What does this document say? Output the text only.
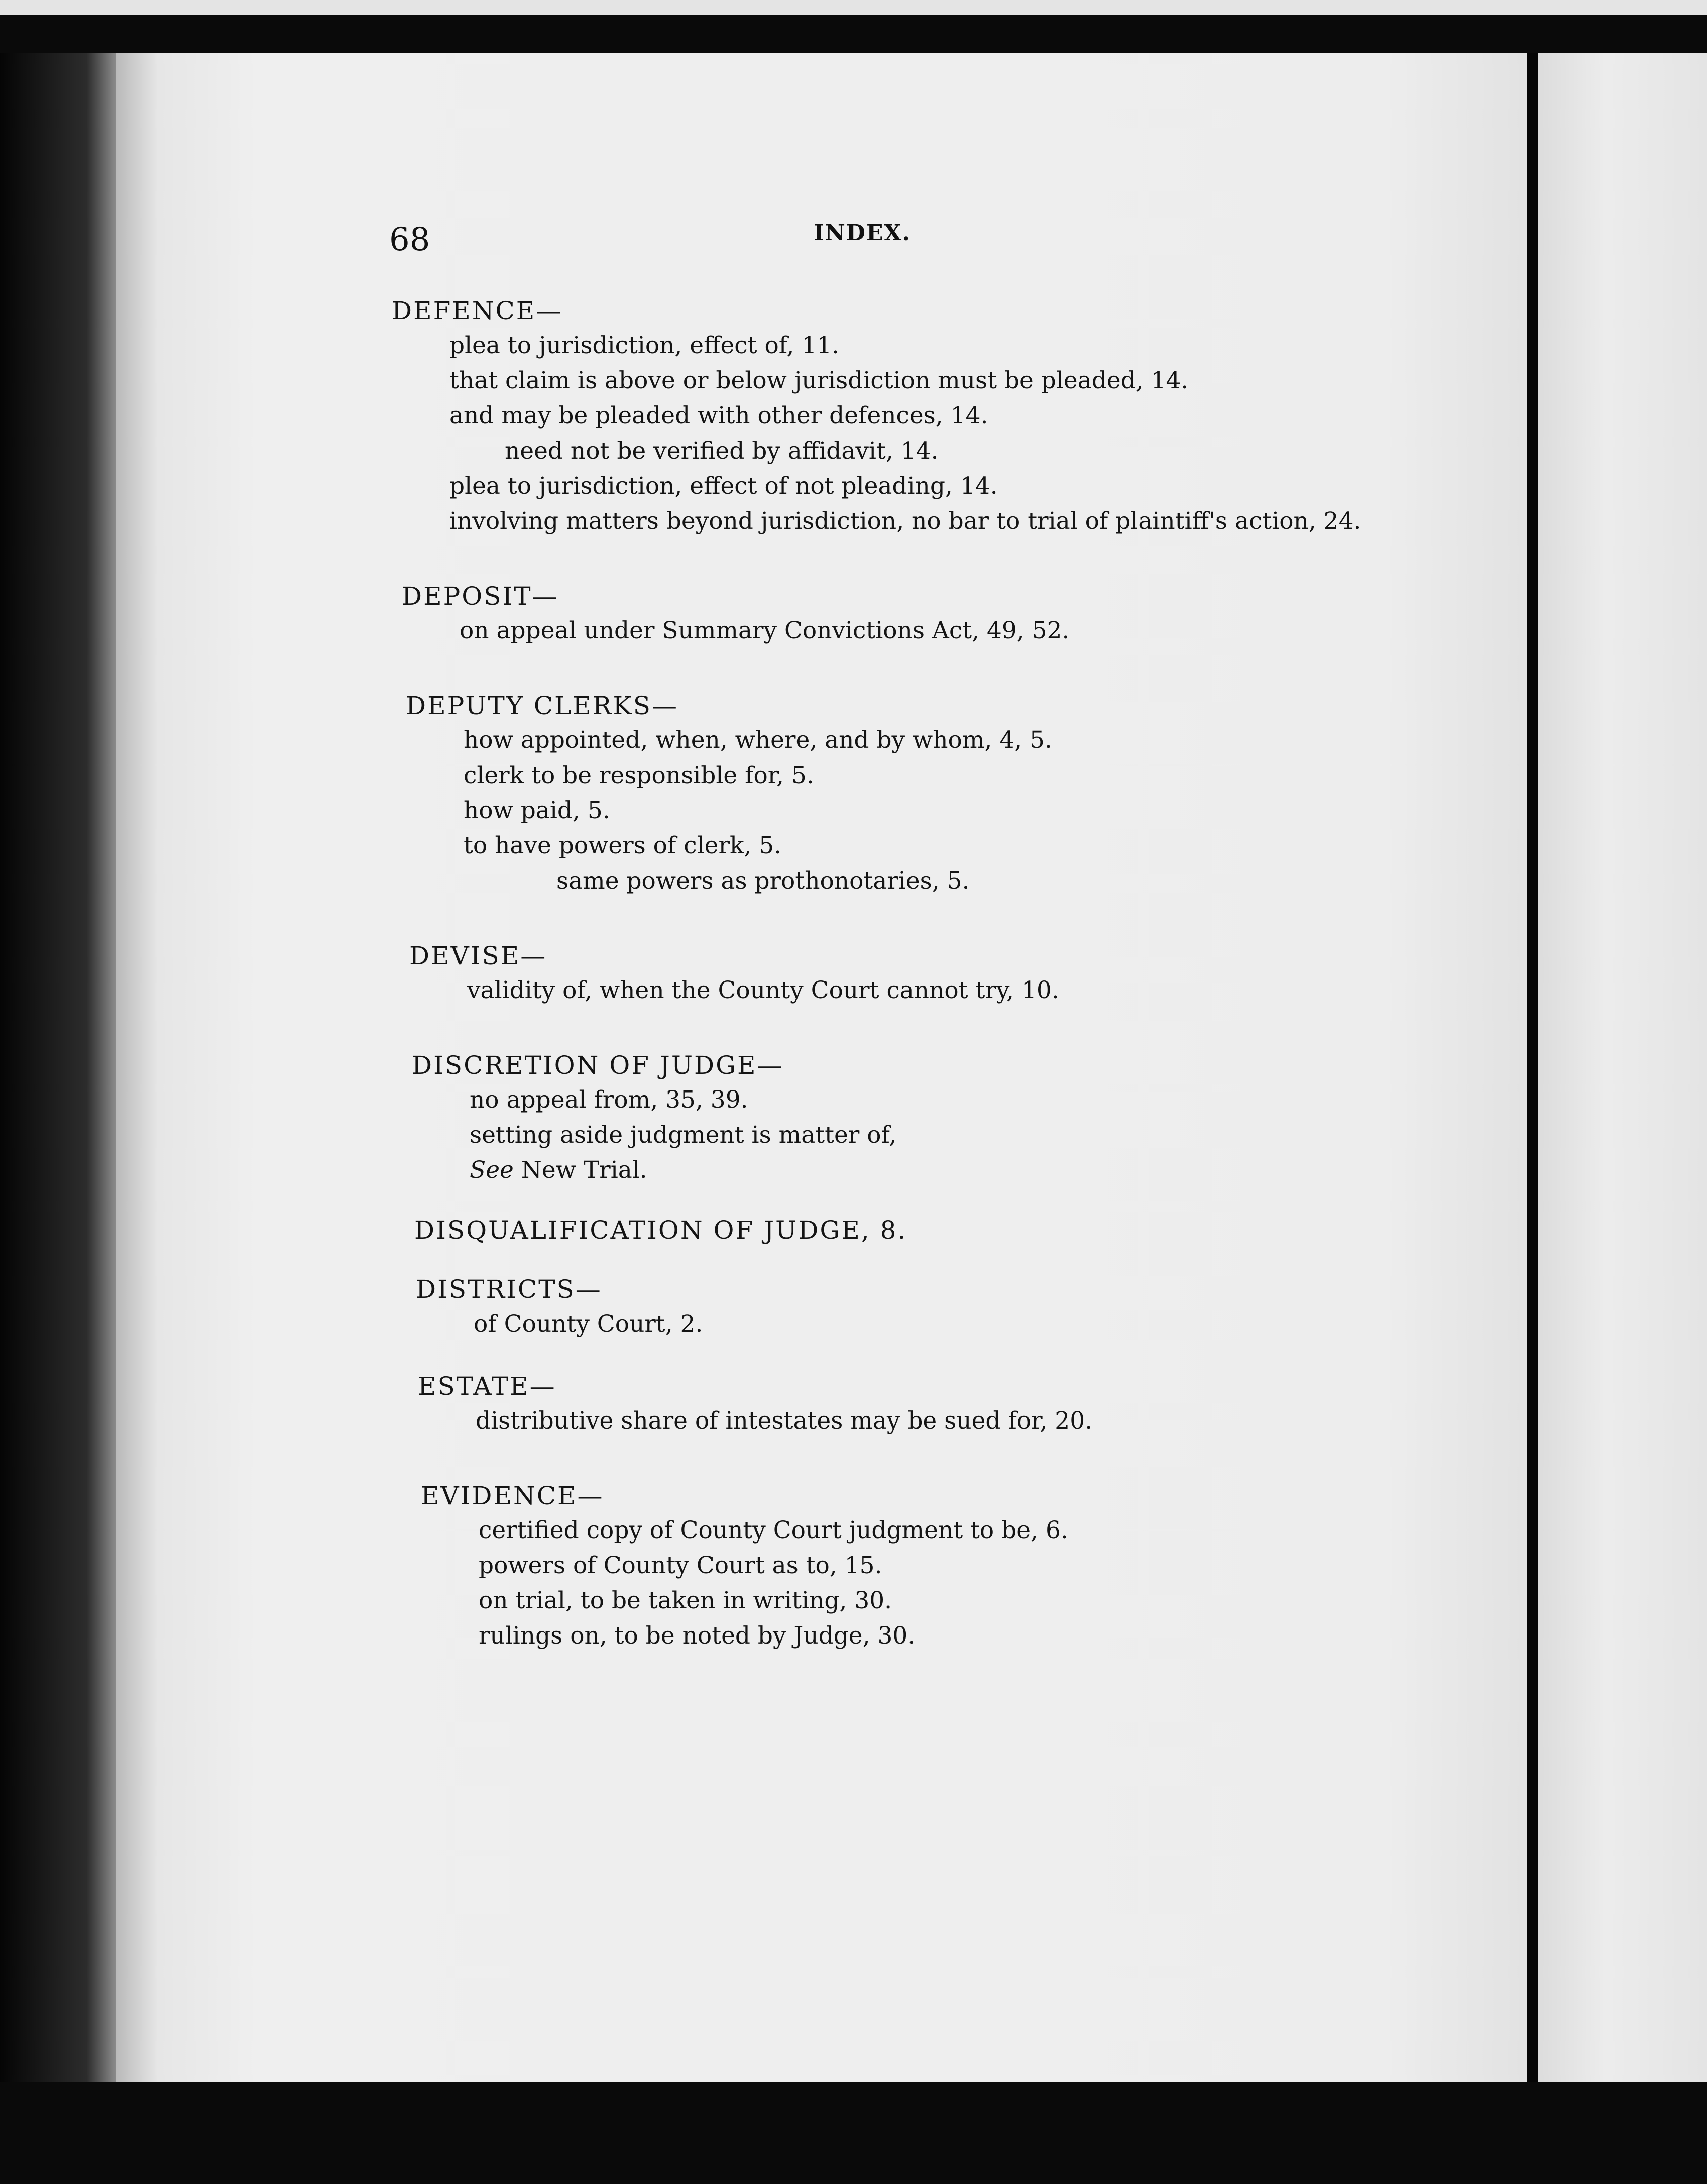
68	INDEX.

DEFENCE—

plea to jurisdiction, effect of, 11.

that claim is above or below jurisdiction must be pleaded, 14.

and may be pleaded with other defences, 14.

need not be verified by affidavit, 14.

plea to jurisdiction, effect of not pleading, 14.

involving matters beyond jurisdiction, no bar to trial of plaintiff's action, 24.

DEPOSIT—

on appeal under Summary Convictions Act, 49, 52.

DEPUTY CLERKS—

how appointed, when, where, and by whom, 4, 5.

clerk to be responsible for, 5.

how paid, 5.

to have powers of clerk, 5.

same powers as prothonotaries, 5.

DEVISE—

validity of, when the County Court cannot try, 10.

DISCRETION OF JUDGE—

no appeal from, 35, 39.

setting aside judgment is matter of,

See New Trial.

DISQUALIFICATION OF JUDGE, 8.

DISTRICTS—

of County Court, 2.

ESTATE—

distributive share of intestates may be sued for, 20.

EVIDENCE—

certified copy of County Court judgment to be, 6.

powers of County Court as to, 15.

on trial, to be taken in writing, 30.

rulings on, to be noted by Judge, 30.
